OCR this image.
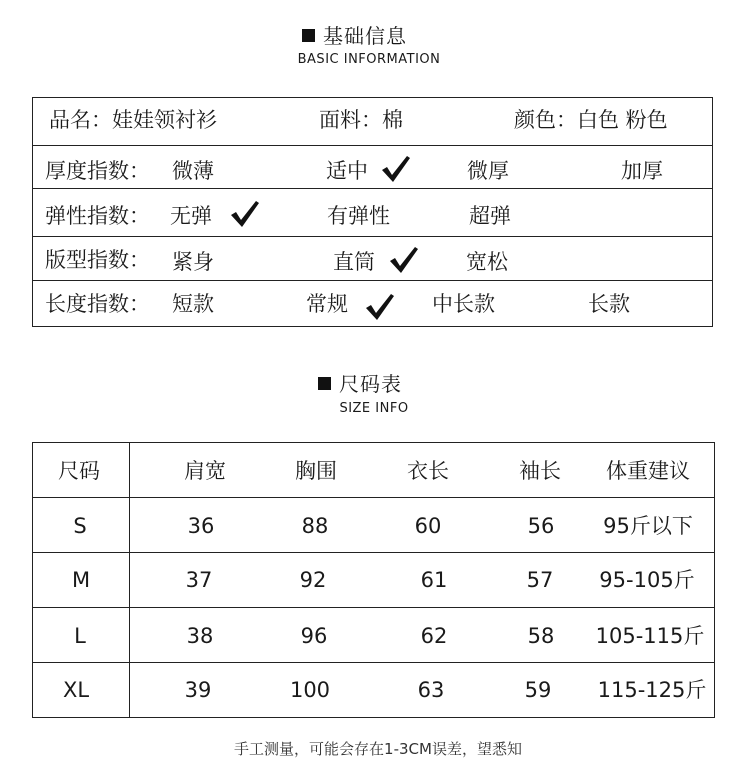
基础信息
BASIC INFORMATION
品名：娃娃领衬衫	面料：棉	颜色：白色 粉色
厚度指数： 微薄	适中	微厚	加厚
弹性指数： 无弹	有弹性	超弹
版型指数： 紧身	直筒	宽松
长度指数： 短款	常规	中长款	长款
尺码表
SIZE INFO
尺码	肩宽	胸围	衣长	袖长 体重建议
S	36	88	60	56 95斤以下
M	37	92	61	57 95-105斤
L	38	96	62	58 105-115斤
XL	39	100	63	59 115-125斤
手工测量，可能会存在1-3CM误差，望悉知
